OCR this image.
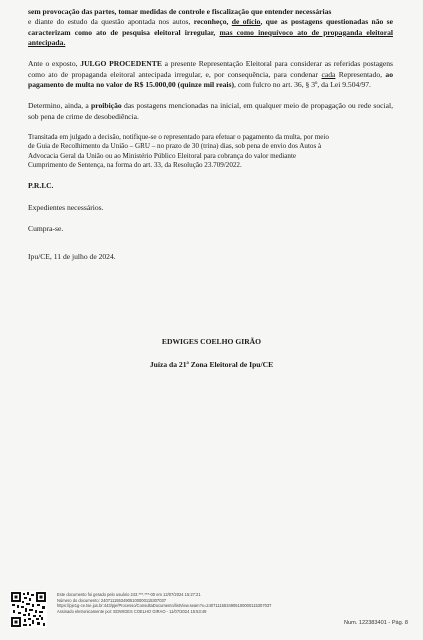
sem provocação das partes, tomar medidas de controle e fiscalização que entender necessárias
e diante do estudo da questão apontada nos autos, reconheço, de ofício, que as postagens questionadas não se caracterizam como ato de pesquisa eleitoral irregular, mas como inequívoco ato de propaganda eleitoral antecipada.

Ante o exposto, JULGO PROCEDENTE a presente Representação Eleitoral para considerar as referidas postagens como ato de propaganda eleitoral antecipada irregular, e, por consequência, para condenar cada Representado, ao pagamento de multa no valor de R$ 15.000,00 (quinze mil reais), com fulcro no art. 36, § 3º, da Lei 9.504/97.

Determino, ainda, a proibição das postagens mencionadas na inicial, em qualquer meio de propagação ou rede social, sob pena de crime de desobediência.

Transitada em julgado a decisão, notifique-se o representado para efetuar o pagamento da multa, por meio
de Guia de Recolhimento da União – GRU – no prazo de 30 (trina) dias, sob pena de envio dos Autos à
Advocacia Geral da União ou ao Ministério Público Eleitoral para cobrança do valor mediante
Cumprimento de Sentença, na forma do art. 33, da Resolução 23.709/2022.

P.R.I.C.

Expedientes necessários.

Cumpra-se.

Ipu/CE, 11 de julho de 2024.

EDWIGES COELHO GIRÃO
Juíza da 21ª Zona Eleitoral de Ipu/CE
Este documento foi gerado pelo usuário 243.***.***-00 em 12/07/2024 15:27:21
Número do documento: 24071115534905100000115307037
https://pje1g-ce.tse.jus.br:443/pje/Processo/ConsultaDocumento/listView.seam?x=24071115534905100000115307037
Assinado eletronicamente por: EDWIGES COELHO GIRAO - 11/07/2024 15:53:49
Num. 122383401 - Pág. 8
